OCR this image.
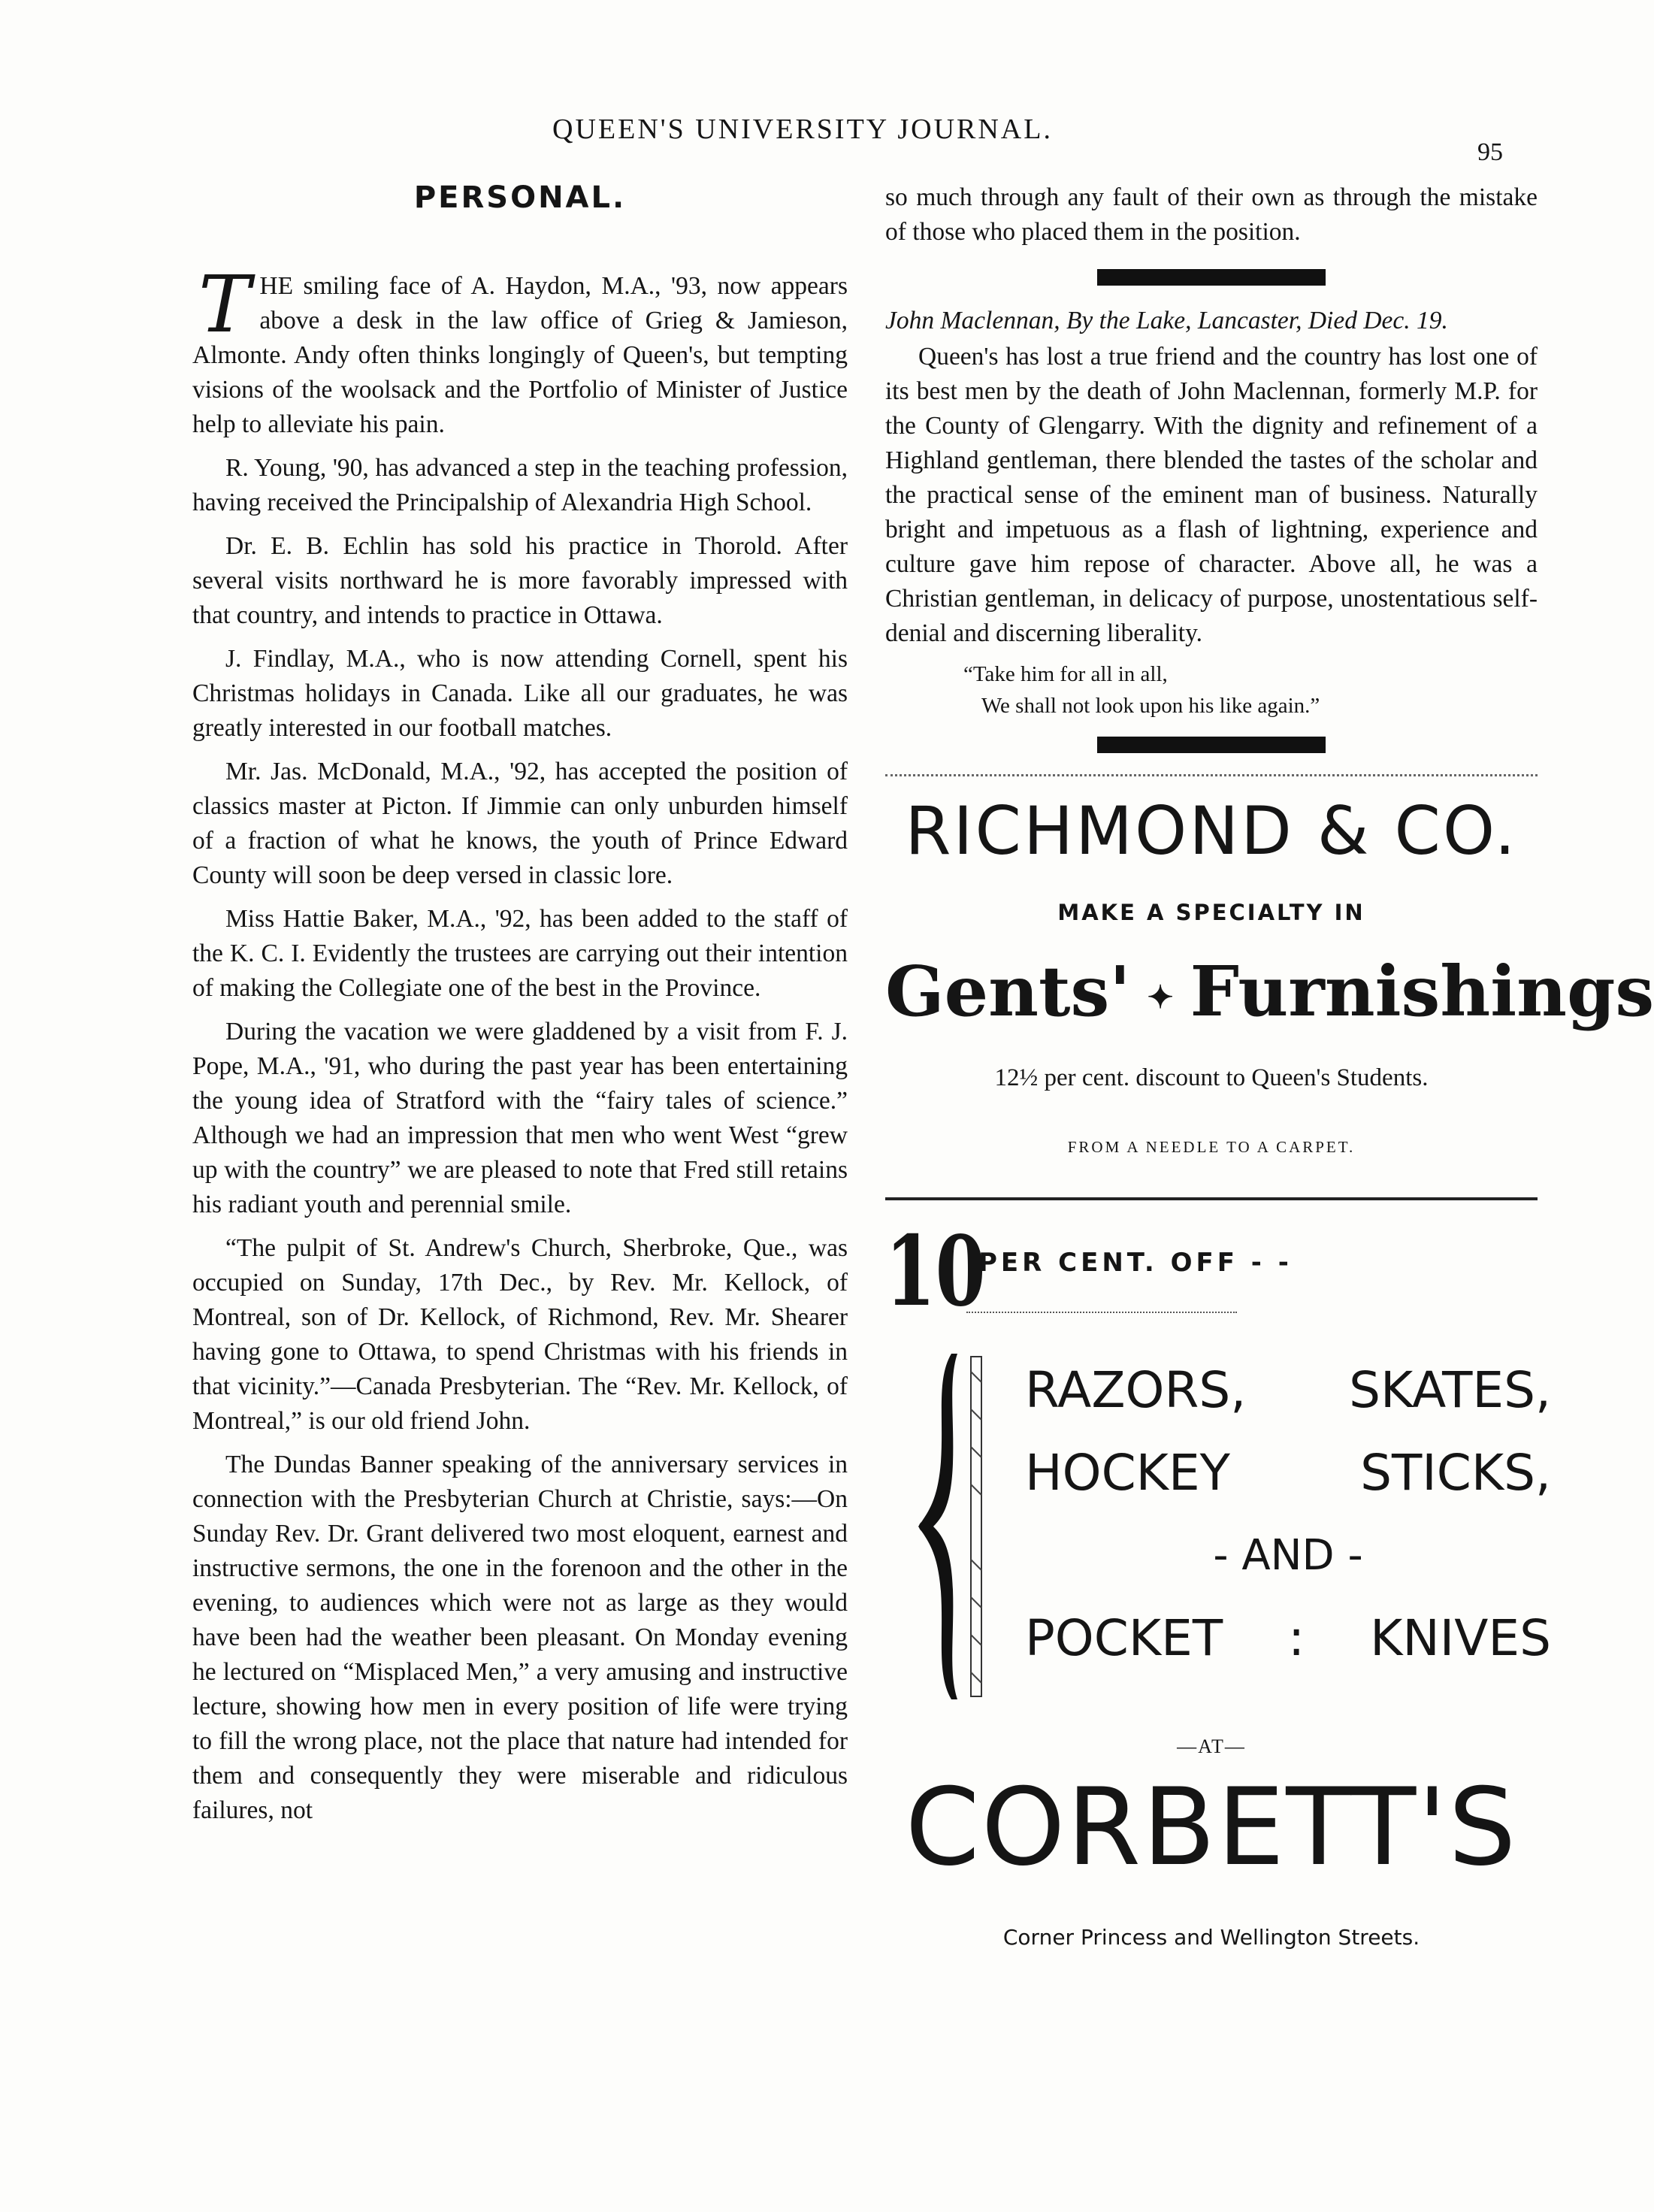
QUEEN'S UNIVERSITY JOURNAL.
95
PERSONAL.

THE smiling face of A. Haydon, M.A., '93, now appears above a desk in the law office of Grieg & Jamieson, Almonte. Andy often thinks longingly of Queen's, but tempting visions of the woolsack and the Portfolio of Minister of Justice help to alleviate his pain.

R. Young, '90, has advanced a step in the teaching profession, having received the Principalship of Alexandria High School.

Dr. E. B. Echlin has sold his practice in Thorold. After several visits northward he is more favorably impressed with that country, and intends to practice in Ottawa.

J. Findlay, M.A., who is now attending Cornell, spent his Christmas holidays in Canada. Like all our graduates, he was greatly interested in our football matches.

Mr. Jas. McDonald, M.A., '92, has accepted the position of classics master at Picton. If Jimmie can only unburden himself of a fraction of what he knows, the youth of Prince Edward County will soon be deep versed in classic lore.

Miss Hattie Baker, M.A., '92, has been added to the staff of the K. C. I. Evidently the trustees are carrying out their intention of making the Collegiate one of the best in the Province.

During the vacation we were gladdened by a visit from F. J. Pope, M.A., '91, who during the past year has been entertaining the young idea of Stratford with the “fairy tales of science.” Although we had an impression that men who went West “grew up with the country” we are pleased to note that Fred still retains his radiant youth and perennial smile.

“The pulpit of St. Andrew's Church, Sherbroke, Que., was occupied on Sunday, 17th Dec., by Rev. Mr. Kellock, of Montreal, son of Dr. Kellock, of Richmond, Rev. Mr. Shearer having gone to Ottawa, to spend Christmas with his friends in that vicinity.”—Canada Presbyterian. The “Rev. Mr. Kellock, of Montreal,” is our old friend John.

The Dundas Banner speaking of the anniversary services in connection with the Presbyterian Church at Christie, says:—On Sunday Rev. Dr. Grant delivered two most eloquent, earnest and instructive sermons, the one in the forenoon and the other in the evening, to audiences which were not as large as they would have been had the weather been pleasant. On Monday evening he lectured on “Misplaced Men,” a very amusing and instructive lecture, showing how men in every position of life were trying to fill the wrong place, not the place that nature had intended for them and consequently they were miserable and ridiculous failures, not

so much through any fault of their own as through the mistake of those who placed them in the position.

John Maclennan, By the Lake, Lancaster, Died Dec. 19.

Queen's has lost a true friend and the country has lost one of its best men by the death of John Maclennan, formerly M.P. for the County of Glengarry. With the dignity and refinement of a Highland gentleman, there blended the tastes of the scholar and the practical sense of the eminent man of business. Naturally bright and impetuous as a flash of lightning, experience and culture gave him repose of character. Above all, he was a Christian gentleman, in delicacy of purpose, unostentatious self-denial and discerning liberality.

“Take him for all in all,

We shall not look upon his like again.”

RICHMOND & CO.
MAKE A SPECIALTY IN
Gents' ✦ Furnishings
12½ per cent. discount to Queen's Students.
FROM A NEEDLE TO A CARPET.
10
PER CENT. OFF - -
RAZORS, SKATES,
HOCKEY STICKS,
- AND -
POCKET : KNIVES
—AT—
CORBETT'S
Corner Princess and Wellington Streets.
